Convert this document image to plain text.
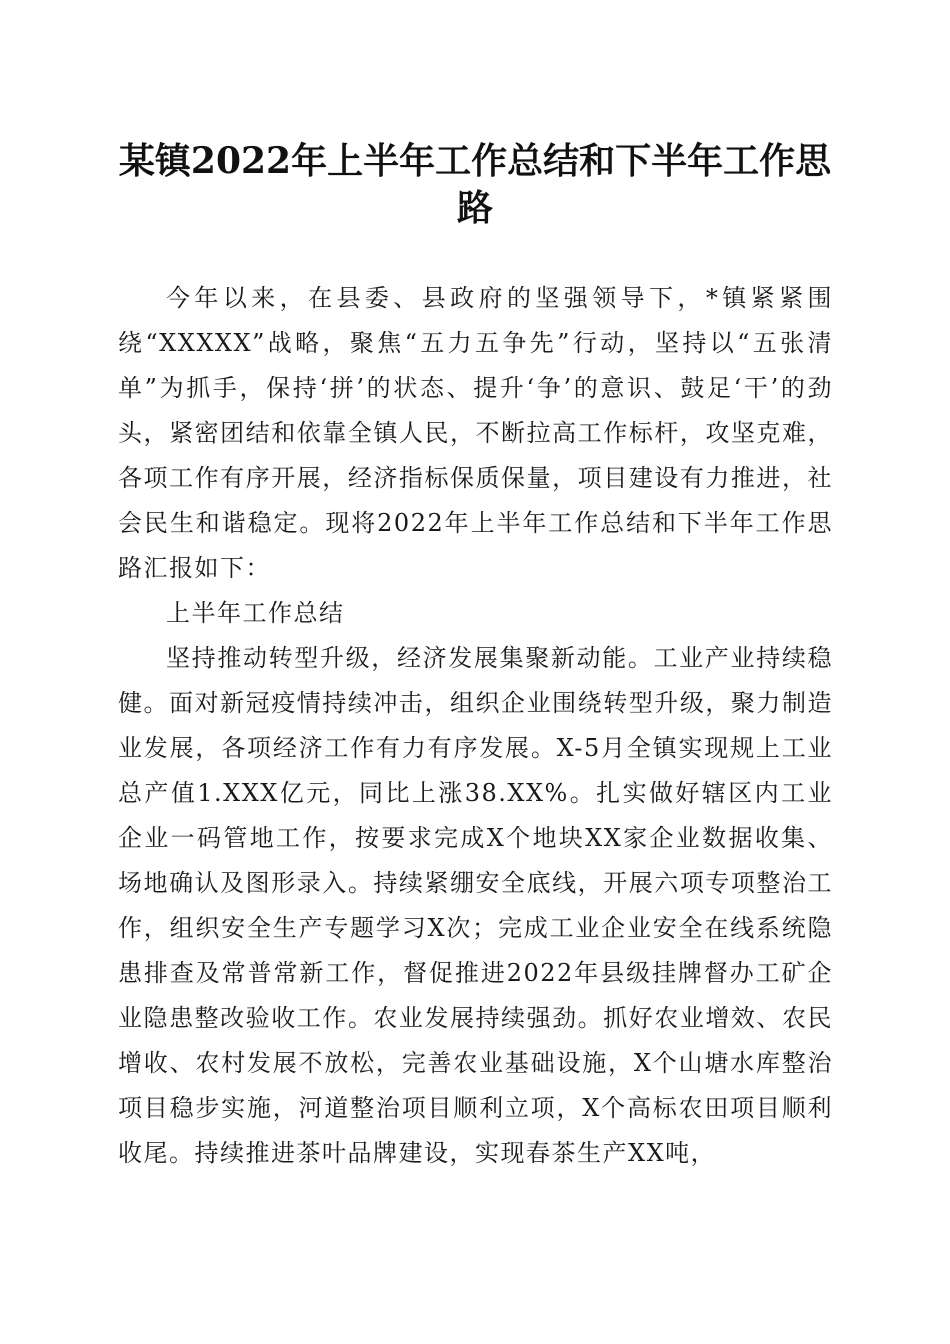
某镇2022年上半年工作总结和下半年工作思路

今年以来，在县委、县政府的坚强领导下，*镇紧紧围绕“XXXXX”战略，聚焦“五力五争先”行动，坚持以“五张清单”为抓手，保持‘拼’的状态、提升‘争’的意识、鼓足‘干’的劲头，紧密团结和依靠全镇人民，不断拉高工作标杆，攻坚克难，各项工作有序开展，经济指标保质保量，项目建设有力推进，社会民生和谐稳定。现将2022年上半年工作总结和下半年工作思路汇报如下：

上半年工作总结

坚持推动转型升级，经济发展集聚新动能。工业产业持续稳健。面对新冠疫情持续冲击，组织企业围绕转型升级，聚力制造业发展，各项经济工作有力有序发展。X-5月全镇实现规上工业总产值1.XXX亿元，同比上涨38.XX%。扎实做好辖区内工业企业一码管地工作，按要求完成X个地块XX家企业数据收集、场地确认及图形录入。持续紧绷安全底线，开展六项专项整治工作，组织安全生产专题学习X次；完成工业企业安全在线系统隐患排查及常普常新工作，督促推进2022年县级挂牌督办工矿企业隐患整改验收工作。农业发展持续强劲。抓好农业增效、农民增收、农村发展不放松，完善农业基础设施，X个山塘水库整治项目稳步实施，河道整治项目顺利立项，X个高标农田项目顺利收尾。持续推进茶叶品牌建设，实现春茶生产XX吨，
